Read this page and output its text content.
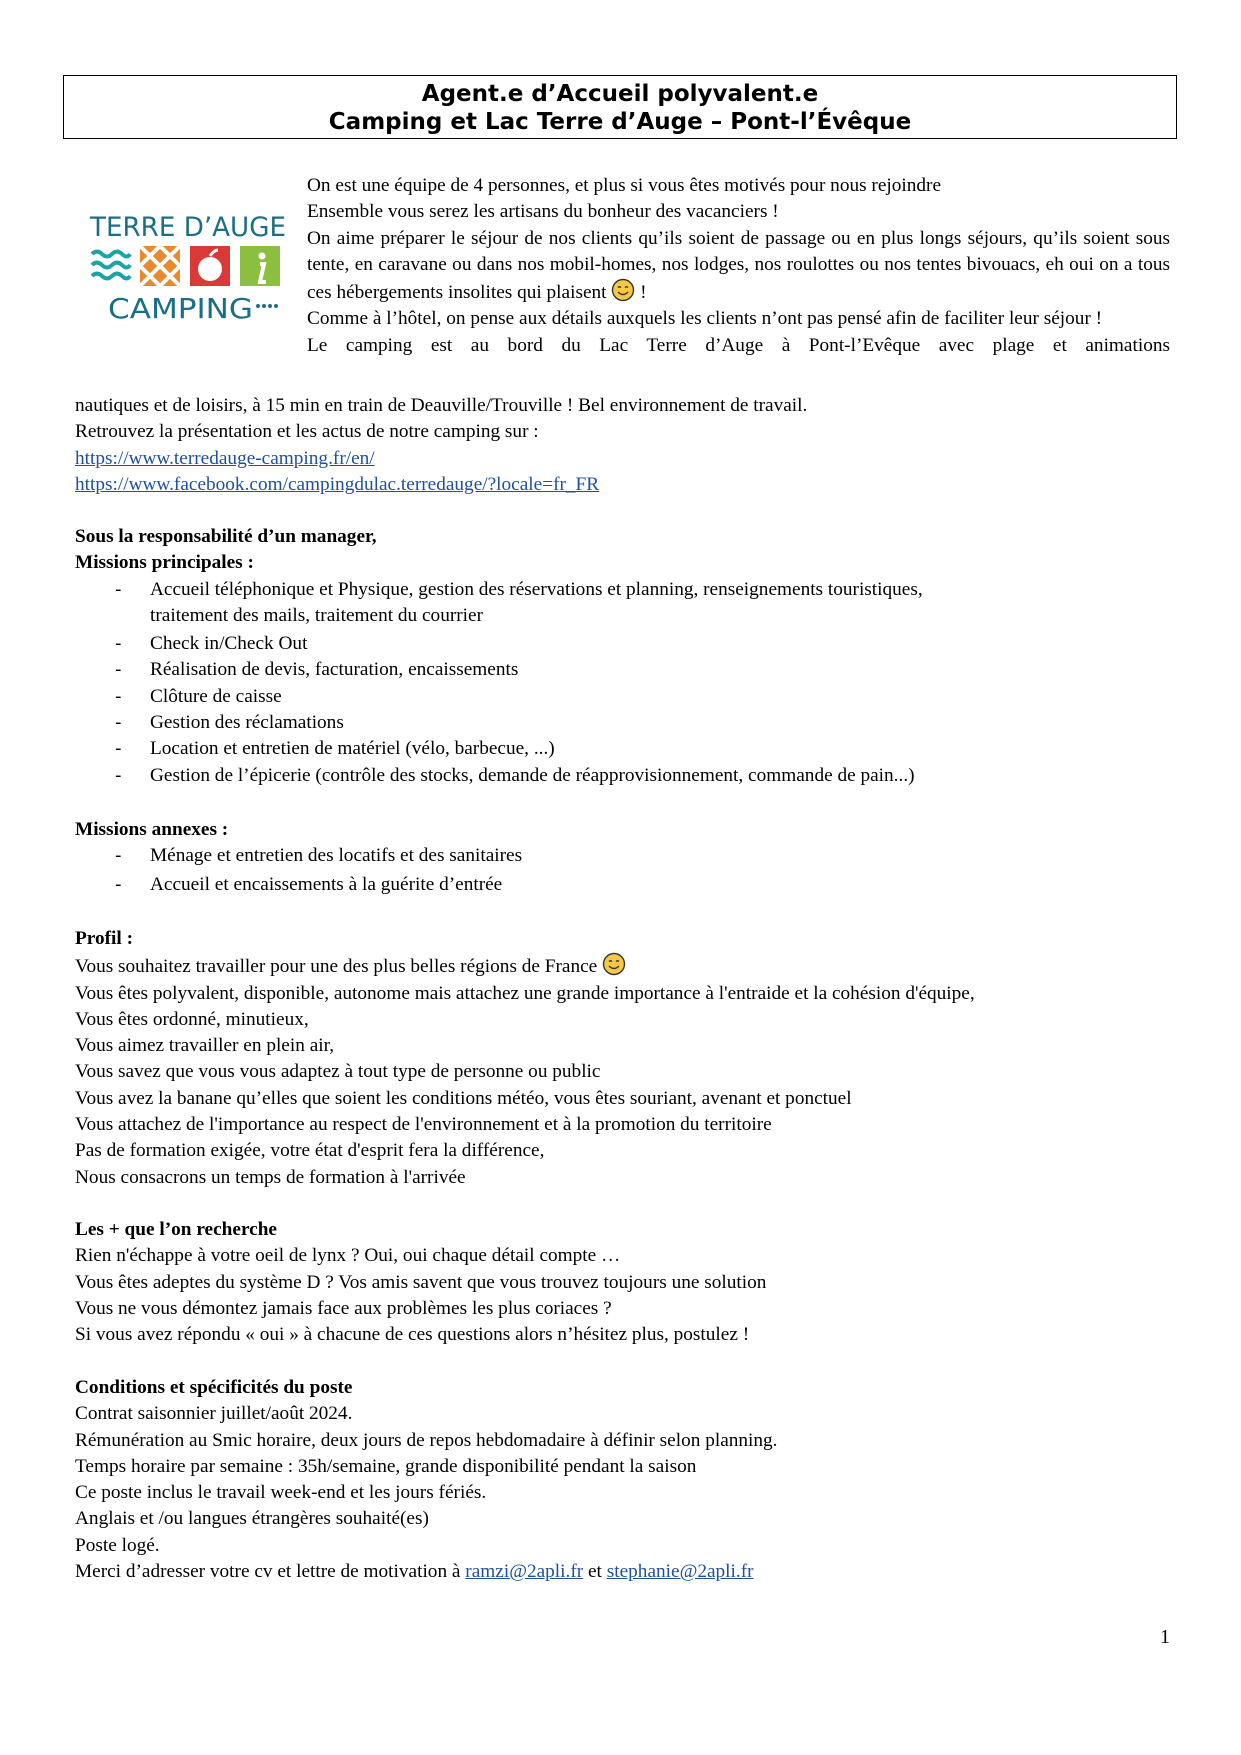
Agent.e d’Accueil polyvalent.e
Camping et Lac Terre d’Auge – Pont-l’Évêque
TERRE D’AUGE
CAMPING

On est une équipe de 4 personnes, et plus si vous êtes motivés pour nous rejoindre

Ensemble vous serez les artisans du bonheur des vacanciers !

On aime préparer le séjour de nos clients qu’ils soient de passage ou en plus longs séjours, qu’ils soient sous tente, en caravane ou dans nos mobil-homes, nos lodges, nos roulottes ou nos tentes bivouacs, eh oui on a tous ces hébergements insolites qui plaisent !

Comme à l’hôtel, on pense aux détails auxquels les clients n’ont pas pensé afin de faciliter leur séjour !

Le camping est au bord du Lac Terre d’Auge à Pont-l’Evêque avec plage et animations

nautiques et de loisirs, à 15 min en train de Deauville/Trouville ! Bel environnement de travail.

Retrouvez la présentation et les actus de notre camping sur :

https://www.terredauge-camping.fr/en/

https://www.facebook.com/campingdulac.terredauge/?locale=fr_FR

Sous la responsabilité d’un manager,

Missions principales :

- Accueil téléphonique et Physique, gestion des réservations et planning, renseignements touristiques,
traitement des mails, traitement du courrier
- Check in/Check Out
- Réalisation de devis, facturation, encaissements
- Clôture de caisse
- Gestion des réclamations
- Location et entretien de matériel (vélo, barbecue, ...)
- Gestion de l’épicerie (contrôle des stocks, demande de réapprovisionnement, commande de pain...)

Missions annexes :

- Ménage et entretien des locatifs et des sanitaires
- Accueil et encaissements à la guérite d’entrée

Profil :

Vous souhaitez travailler pour une des plus belles régions de France

Vous êtes polyvalent, disponible, autonome mais attachez une grande importance à l'entraide et la cohésion d'équipe,

Vous êtes ordonné, minutieux,

Vous aimez travailler en plein air,

Vous savez que vous vous adaptez à tout type de personne ou public

Vous avez la banane qu’elles que soient les conditions météo, vous êtes souriant, avenant et ponctuel

Vous attachez de l'importance au respect de l'environnement et à la promotion du territoire

Pas de formation exigée, votre état d'esprit fera la différence,

Nous consacrons un temps de formation à l'arrivée

Les + que l’on recherche

Rien n'échappe à votre oeil de lynx ? Oui, oui chaque détail compte …

Vous êtes adeptes du système D ? Vos amis savent que vous trouvez toujours une solution

Vous ne vous démontez jamais face aux problèmes les plus coriaces ?

Si vous avez répondu « oui » à chacune de ces questions alors n’hésitez plus, postulez !

Conditions et spécificités du poste

Contrat saisonnier juillet/août 2024.

Rémunération au Smic horaire, deux jours de repos hebdomadaire à définir selon planning.

Temps horaire par semaine : 35h/semaine, grande disponibilité pendant la saison

Ce poste inclus le travail week-end et les jours fériés.

Anglais et /ou langues étrangères souhaité(es)

Poste logé.

Merci d’adresser votre cv et lettre de motivation à ramzi@2apli.fr et stephanie@2apli.fr

1
